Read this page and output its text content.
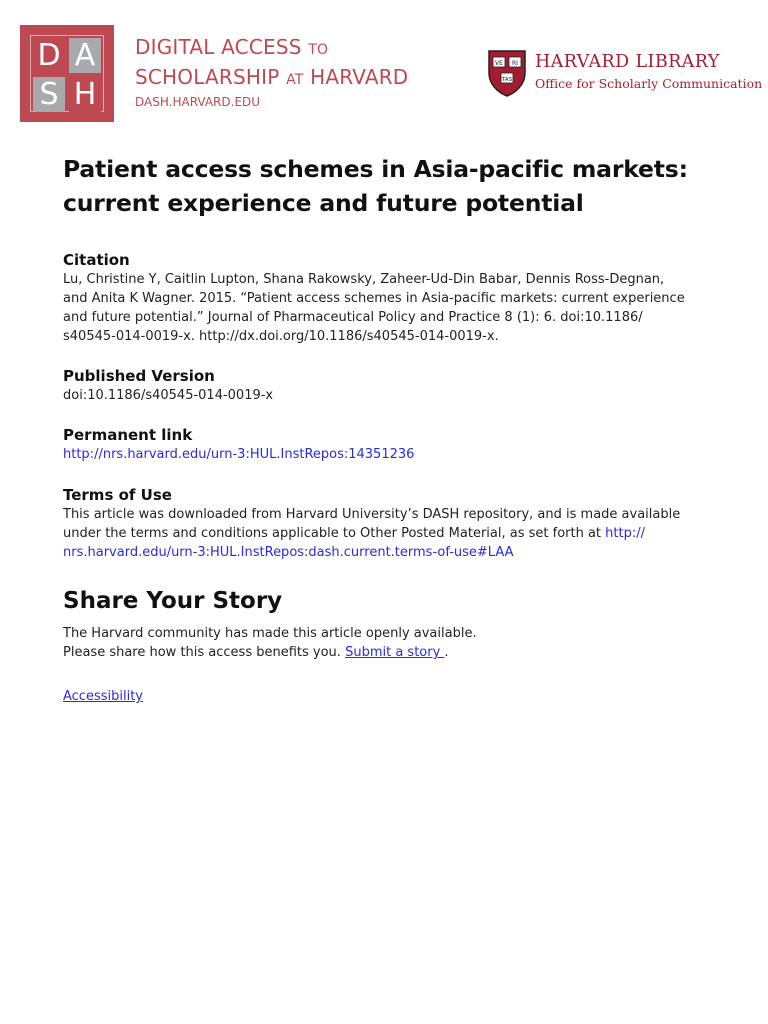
D A
S H
DIGITAL ACCESS TO
SCHOLARSHIP AT HARVARD
DASH.HARVARD.EDU
VE RI
TAS
HARVARD LIBRARY
Office for Scholarly Communication
Patient access schemes in Asia-pacific markets:
current experience and future potential
Citation
Lu, Christine Y, Caitlin Lupton, Shana Rakowsky, Zaheer-Ud-Din Babar, Dennis Ross-Degnan,
and Anita K Wagner. 2015. “Patient access schemes in Asia-pacific markets: current experience
and future potential.” Journal of Pharmaceutical Policy and Practice 8 (1): 6. doi:10.1186/
s40545-014-0019-x. http://dx.doi.org/10.1186/s40545-014-0019-x.
Published Version
doi:10.1186/s40545-014-0019-x
Permanent link
http://nrs.harvard.edu/urn-3:HUL.InstRepos:14351236
Terms of Use
This article was downloaded from Harvard University’s DASH repository, and is made available
under the terms and conditions applicable to Other Posted Material, as set forth at http://
nrs.harvard.edu/urn-3:HUL.InstRepos:dash.current.terms-of-use#LAA
Share Your Story
The Harvard community has made this article openly available.
Please share how this access benefits you. Submit a story .
Accessibility
